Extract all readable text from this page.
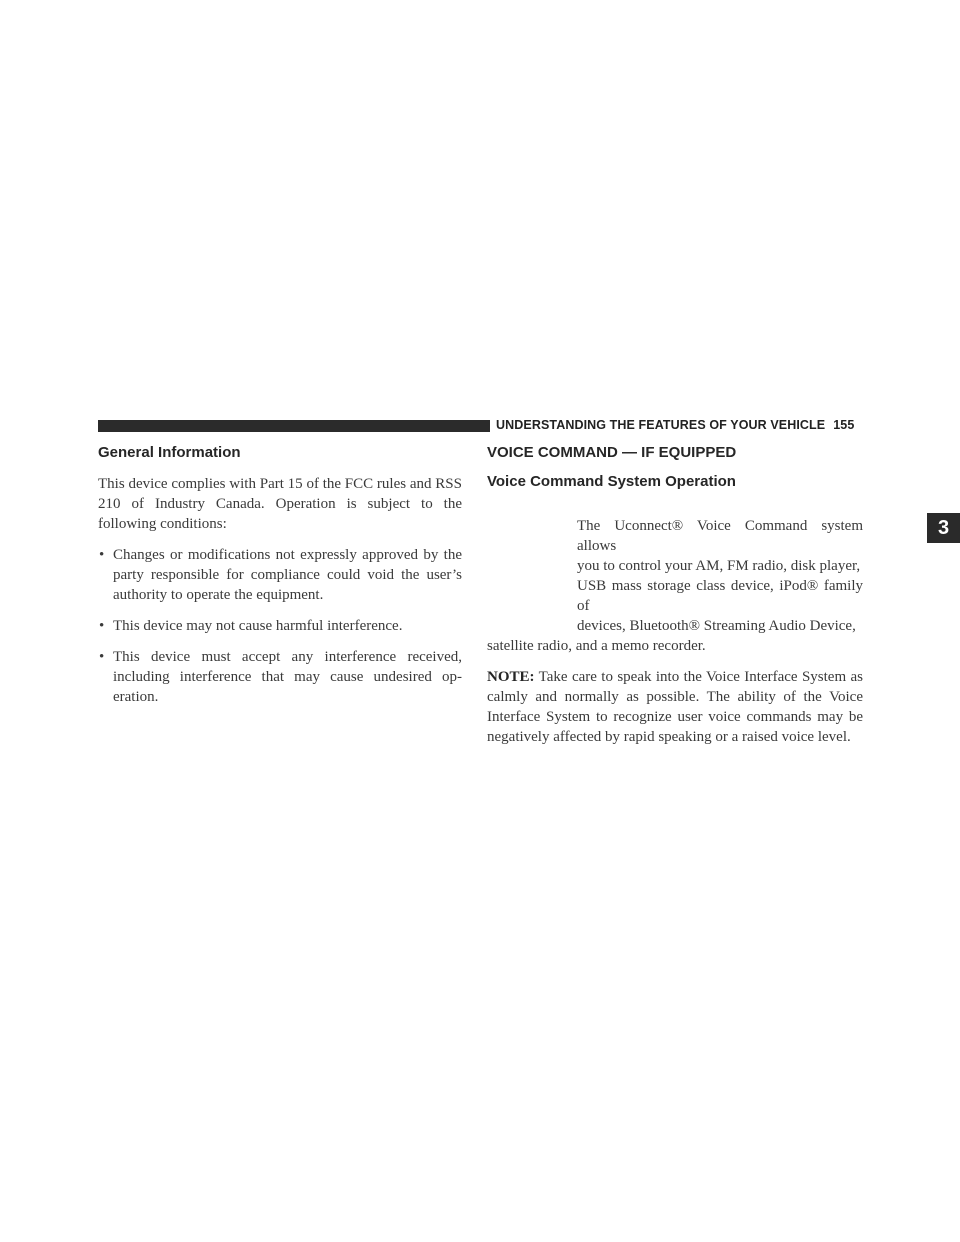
UNDERSTANDING THE FEATURES OF YOUR VEHICLE 155
3
General Information

This device complies with Part 15 of the FCC rules and RSS 210 of Industry Canada. Operation is subject to the following conditions:

• Changes or modifications not expressly approved by the party responsible for compliance could void the user’s authority to operate the equipment.
• This device may not cause harmful interference.
• This device must accept any interference received, including interference that may cause undesired op-eration.
VOICE COMMAND — IF EQUIPPED
Voice Command System Operation

The Uconnect® Voice Command system allows
you to control your AM, FM radio, disk player,
USB mass storage class device, iPod® family of
devices, Bluetooth® Streaming Audio Device,
satellite radio, and a memo recorder.

NOTE: Take care to speak into the Voice Interface System as calmly and normally as possible. The ability of the Voice Interface System to recognize user voice commands may be negatively affected by rapid speaking or a raised voice level.
